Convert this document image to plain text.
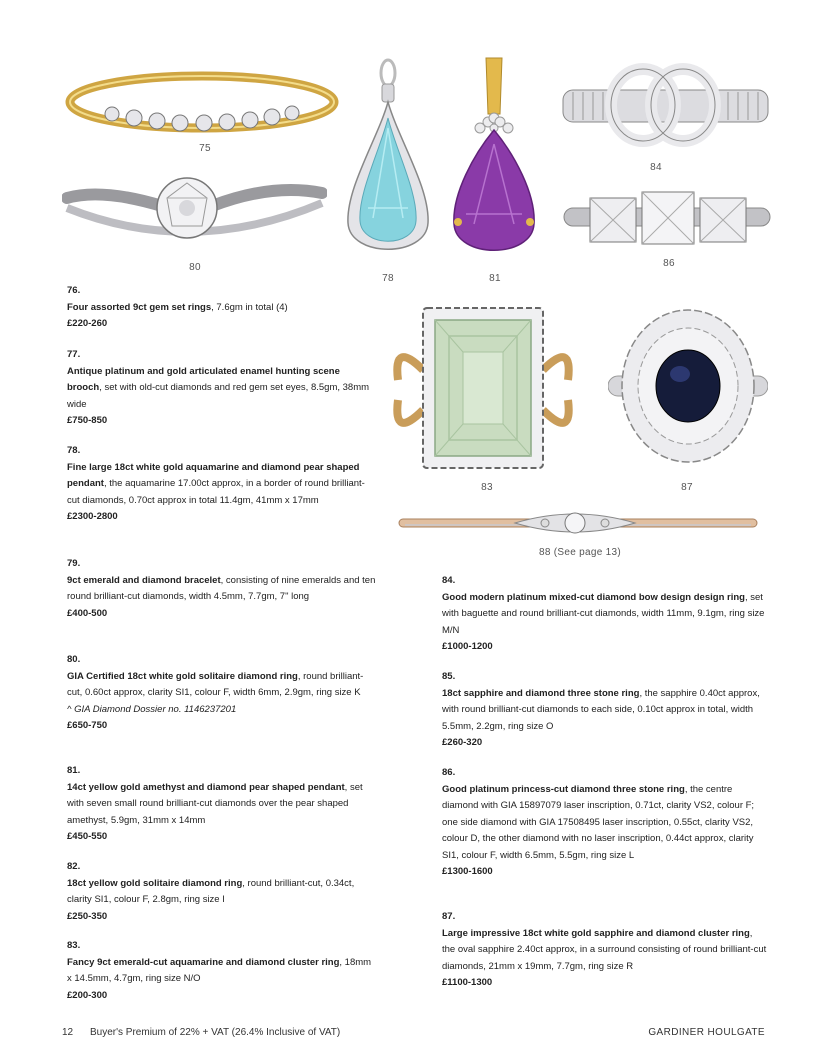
75
80
78	81
84
86
83	87
88 (See page 13)
76.
Four assorted 9ct gem set rings, 7.6gm in total (4)
£220-260
77.
Antique platinum and gold articulated enamel hunting scene brooch, set with old-cut diamonds and red gem set eyes, 8.5gm, 38mm wide
£750-850
78.
Fine large 18ct white gold aquamarine and diamond pear shaped pendant, the aquamarine 17.00ct approx, in a border of round brilliant-cut diamonds, 0.70ct approx in total 11.4gm, 41mm x 17mm
£2300-2800
79.
9ct emerald and diamond bracelet, consisting of nine emeralds and ten round brilliant-cut diamonds, width 4.5mm, 7.7gm, 7" long
£400-500
80.
GIA Certified 18ct white gold solitaire diamond ring, round brilliant-cut, 0.60ct approx, clarity SI1, colour F, width 6mm, 2.9gm, ring size K
^ GIA Diamond Dossier no. 1146237201
£650-750
81.
14ct yellow gold amethyst and diamond pear shaped pendant, set with seven small round brilliant-cut diamonds over the pear shaped amethyst, 5.9gm, 31mm x 14mm
£450-550
82.
18ct yellow gold solitaire diamond ring, round brilliant-cut, 0.34ct, clarity SI1, colour F, 2.8gm, ring size I
£250-350
83.
Fancy 9ct emerald-cut aquamarine and diamond cluster ring, 18mm x 14.5mm, 4.7gm, ring size N/O
£200-300
84.
Good modern platinum mixed-cut diamond bow design design ring, set with baguette and round brilliant-cut diamonds, width 11mm, 9.1gm, ring size M/N
£1000-1200
85.
18ct sapphire and diamond three stone ring, the sapphire 0.40ct approx, with round brilliant-cut diamonds to each side, 0.10ct approx in total, width 5.5mm, 2.2gm, ring size O
£260-320
86.
Good platinum princess-cut diamond three stone ring, the centre diamond with GIA 15897079 laser inscription, 0.71ct, clarity VS2, colour F; one side diamond with GIA 17508495 laser inscription, 0.55ct, clarity VS2, colour D, the other diamond with no laser inscription, 0.44ct approx, clarity SI1, colour F, width 6.5mm, 5.5gm, ring size L
£1300-1600
87.
Large impressive 18ct white gold sapphire and diamond cluster ring, the oval sapphire 2.40ct approx, in a surround consisting of round brilliant-cut diamonds, 21mm x 19mm, 7.7gm, ring size R
£1100-1300
12 Buyer's Premium of 22% + VAT (26.4% Inclusive of VAT)	GARDINER HOULGATE
